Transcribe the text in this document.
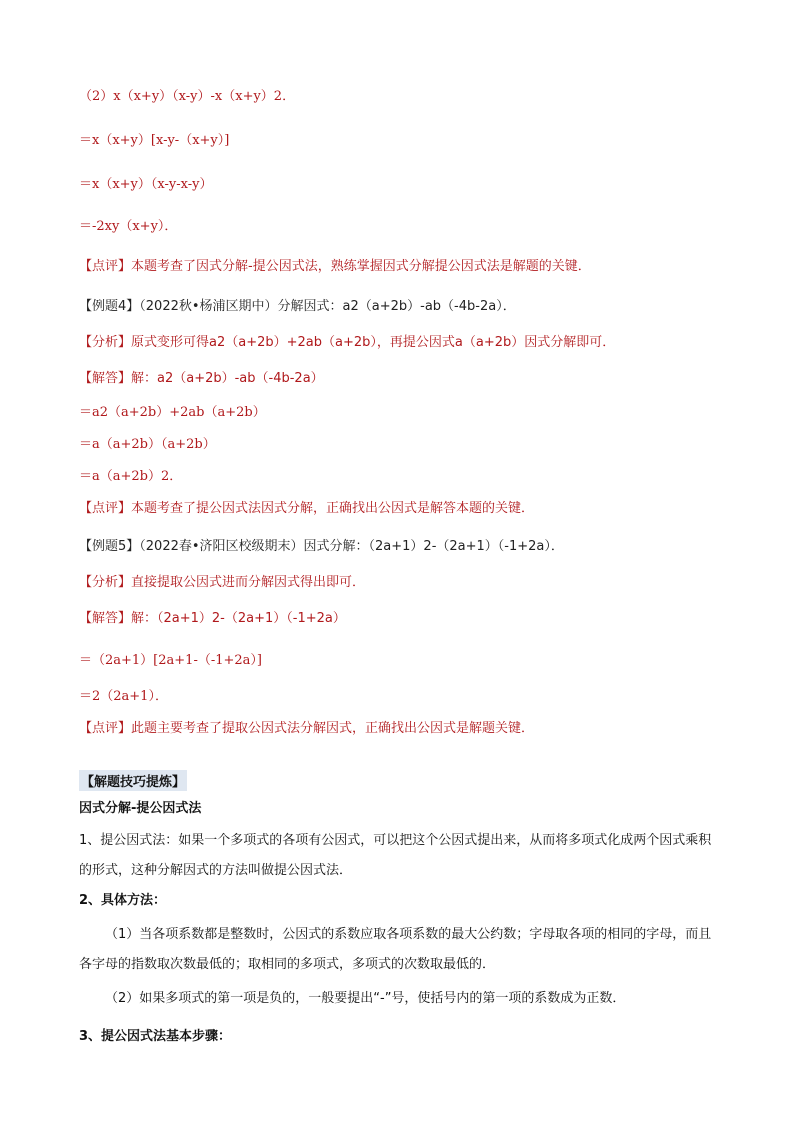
（2）x（x+y）（x-y）-x（x+y）2．
＝x（x+y）[x-y-（x+y）]
＝x（x+y）（x-y-x-y）
＝-2xy（x+y）．
【点评】本题考查了因式分解-提公因式法，熟练掌握因式分解提公因式法是解题的关键．
【例题4】（2022秋•杨浦区期中）分解因式：a2（a+2b）-ab（-4b-2a）．
【分析】原式变形可得a2（a+2b）+2ab（a+2b），再提公因式a（a+2b）因式分解即可．
【解答】解：a2（a+2b）-ab（-4b-2a）
＝a2（a+2b）+2ab（a+2b）
＝a（a+2b）（a+2b）
＝a（a+2b）2．
【点评】本题考查了提公因式法因式分解，正确找出公因式是解答本题的关键．
【例题5】（2022春•济阳区校级期末）因式分解：（2a+1）2-（2a+1）（-1+2a）．
【分析】直接提取公因式进而分解因式得出即可．
【解答】解：（2a+1）2-（2a+1）（-1+2a）
＝（2a+1）[2a+1-（-1+2a）]
＝2（2a+1）．
【点评】此题主要考查了提取公因式法分解因式，正确找出公因式是解题关键．
【解题技巧提炼】
因式分解-提公因式法
1、提公因式法：如果一个多项式的各项有公因式，可以把这个公因式提出来，从而将多项式化成两个因式乘积的形式，这种分解因式的方法叫做提公因式法．
2、具体方法：
（1）当各项系数都是整数时，公因式的系数应取各项系数的最大公约数；字母取各项的相同的字母，而且各字母的指数取次数最低的；取相同的多项式，多项式的次数取最低的．
（2）如果多项式的第一项是负的，一般要提出“-”号，使括号内的第一项的系数成为正数．
3、提公因式法基本步骤：
